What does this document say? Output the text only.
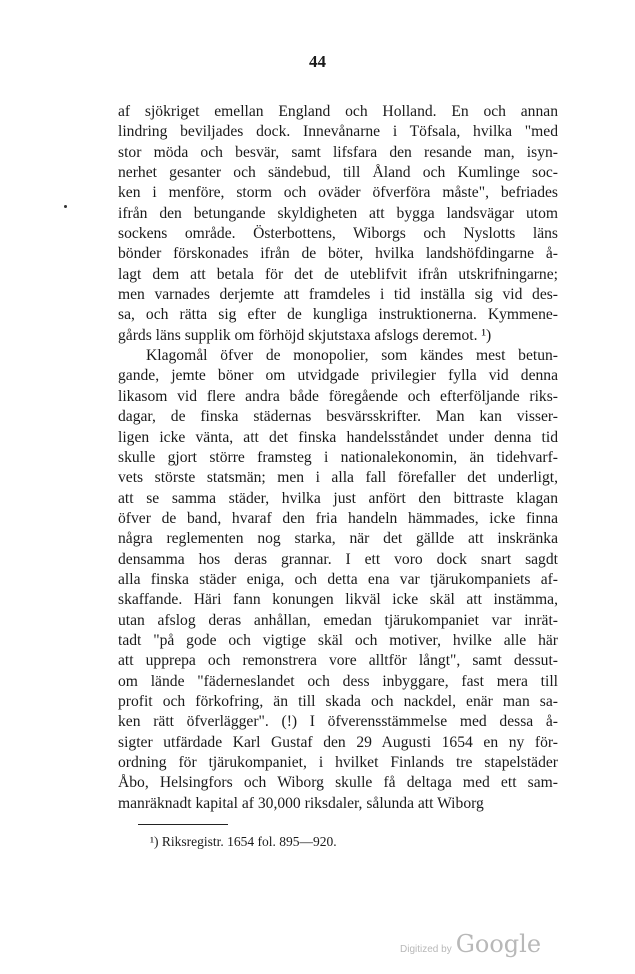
44
af sjökriget emellan England och Holland. En och annan
lindring beviljades dock. Innevånarne i Töfsala, hvilka "med
stor möda och besvär, samt lifsfara den resande man, isyn-
nerhet gesanter och sändebud, till Åland och Kumlinge soc-
ken i menföre, storm och oväder öfverföra måste", befriades
ifrån den betungande skyldigheten att bygga landsvägar utom
sockens område. Österbottens, Wiborgs och Nyslotts läns
bönder förskonades ifrån de böter, hvilka landshöfdingarne å-
lagt dem att betala för det de uteblifvit ifrån utskrifningarne;
men varnades derjemte att framdeles i tid inställa sig vid des-
sa, och rätta sig efter de kungliga instruktionerna. Kymmene-
gårds läns supplik om förhöjd skjutstaxa afslogs deremot. ¹)
Klagomål öfver de monopolier, som kändes mest betun-
gande, jemte böner om utvidgade privilegier fylla vid denna
likasom vid flere andra både föregående och efterföljande riks-
dagar, de finska städernas besvärsskrifter. Man kan visser-
ligen icke vänta, att det finska handelsståndet under denna tid
skulle gjort större framsteg i nationalekonomin, än tidehvarf-
vets störste statsmän; men i alla fall förefaller det underligt,
att se samma städer, hvilka just anfört den bittraste klagan
öfver de band, hvaraf den fria handeln hämmades, icke finna
några reglementen nog starka, när det gällde att inskränka
densamma hos deras grannar. I ett voro dock snart sagdt
alla finska städer eniga, och detta ena var tjärukompaniets af-
skaffande. Häri fann konungen likväl icke skäl att instämma,
utan afslog deras anhållan, emedan tjärukompaniet var inrät-
tadt "på gode och vigtige skäl och motiver, hvilke alle här
att upprepa och remonstrera vore alltför långt", samt dessut-
om lände "fäderneslandet och dess inbyggare, fast mera till
profit och förkofring, än till skada och nackdel, enär man sa-
ken rätt öfverlägger". (!) I öfverensstämmelse med dessa å-
sigter utfärdade Karl Gustaf den 29 Augusti 1654 en ny för-
ordning för tjärukompaniet, i hvilket Finlands tre stapelstäder
Åbo, Helsingfors och Wiborg skulle få deltaga med ett sam-
manräknadt kapital af 30,000 riksdaler, sålunda att Wiborg
¹) Riksregistr. 1654 fol. 895—920.
Digitized by Google
